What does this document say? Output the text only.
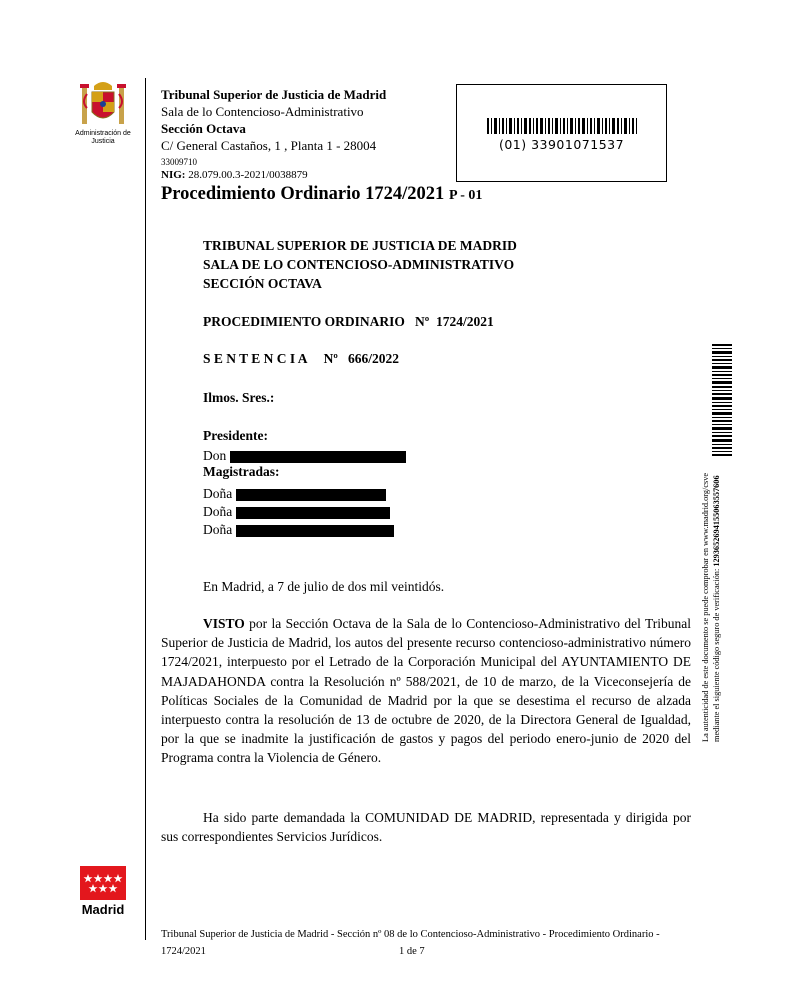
Administración de Justicia
Tribunal Superior de Justicia de Madrid
Sala de lo Contencioso-Administrativo
Sección Octava
C/ General Castaños, 1 , Planta 1 - 28004
33009710
NIG: 28.079.00.3-2021/0038879
Procedimiento Ordinario 1724/2021 P - 01
(01) 33901071537
TRIBUNAL SUPERIOR DE JUSTICIA DE MADRID
SALA DE LO CONTENCIOSO-ADMINISTRATIVO
SECCIÓN OCTAVA
PROCEDIMIENTO ORDINARIO   Nº  1724/2021
S E N T E N C I A     Nº   666/2022
Ilmos. Sres.:
Presidente:
Don
Magistradas:
Doña
Doña
Doña
En Madrid, a 7 de julio de dos mil veintidós.
VISTO por la Sección Octava de la Sala de lo Contencioso-Administrativo del Tribunal Superior de Justicia de Madrid, los autos del presente recurso contencioso-administrativo número 1724/2021, interpuesto por el Letrado de la Corporación Municipal del AYUNTAMIENTO DE MAJADAHONDA contra la Resolución nº 588/2021, de 10 de marzo, de la Viceconsejería de Políticas Sociales de la Comunidad de Madrid por la que se desestima el recurso de alzada interpuesto contra la resolución de 13 de octubre de 2020, de la Directora General de Igualdad, por la que se inadmite la justificación de gastos y pagos del periodo enero-junio de 2020 del Programa contra la Violencia de Género.
Ha sido parte demandada la COMUNIDAD DE MADRID, representada y dirigida por sus correspondientes Servicios Jurídicos.
La autenticidad de este documento se puede comprobar en www.madrid.org/csve mediante el siguiente código seguro de verificación: 1293652694155063557606
Madrid
Tribunal Superior de Justicia de Madrid - Sección nº 08 de lo Contencioso-Administrativo - Procedimiento Ordinario -
1724/2021	1 de 7
